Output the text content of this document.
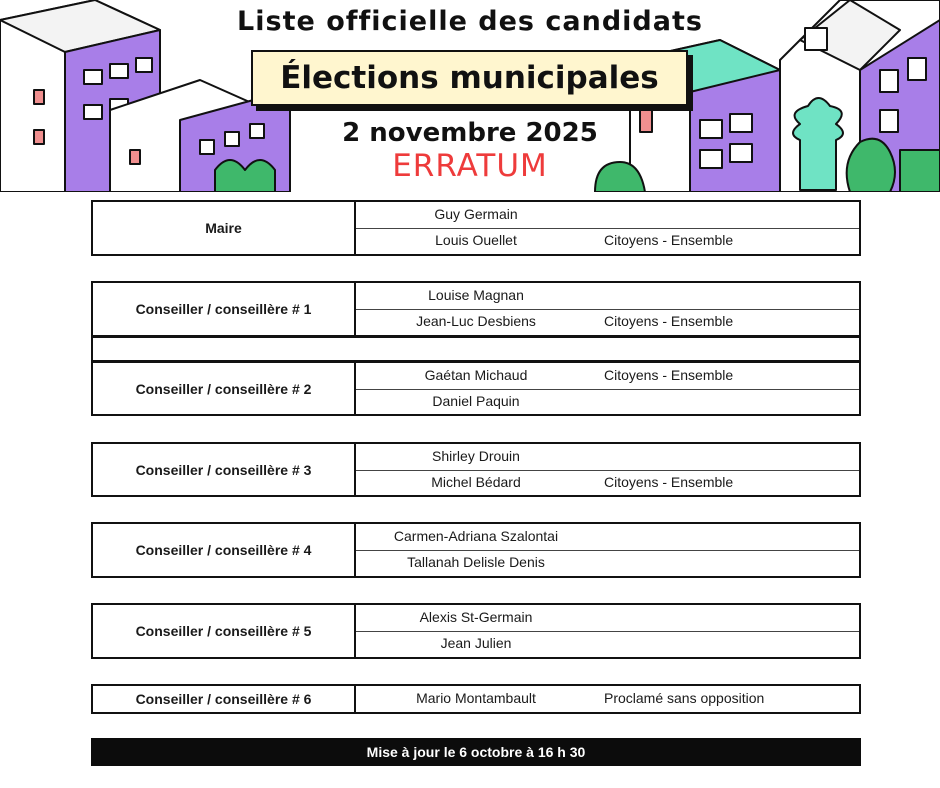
Liste officielle des candidats
Élections municipales
2 novembre 2025
ERRATUM
Maire
Guy Germain
Louis Ouellet	Citoyens - Ensemble
Conseiller / conseillère # 1
Louise Magnan
Jean-Luc Desbiens	Citoyens - Ensemble
Conseiller / conseillère # 2
Gaétan Michaud	Citoyens - Ensemble
Daniel Paquin
Conseiller / conseillère # 3
Shirley Drouin
Michel Bédard	Citoyens - Ensemble
Conseiller / conseillère # 4
Carmen-Adriana Szalontai
Tallanah Delisle Denis
Conseiller / conseillère # 5
Alexis St-Germain
Jean Julien
Conseiller / conseillère # 6	Mario Montambault	Proclamé sans opposition
Mise à jour le 6 octobre à 16 h 30
